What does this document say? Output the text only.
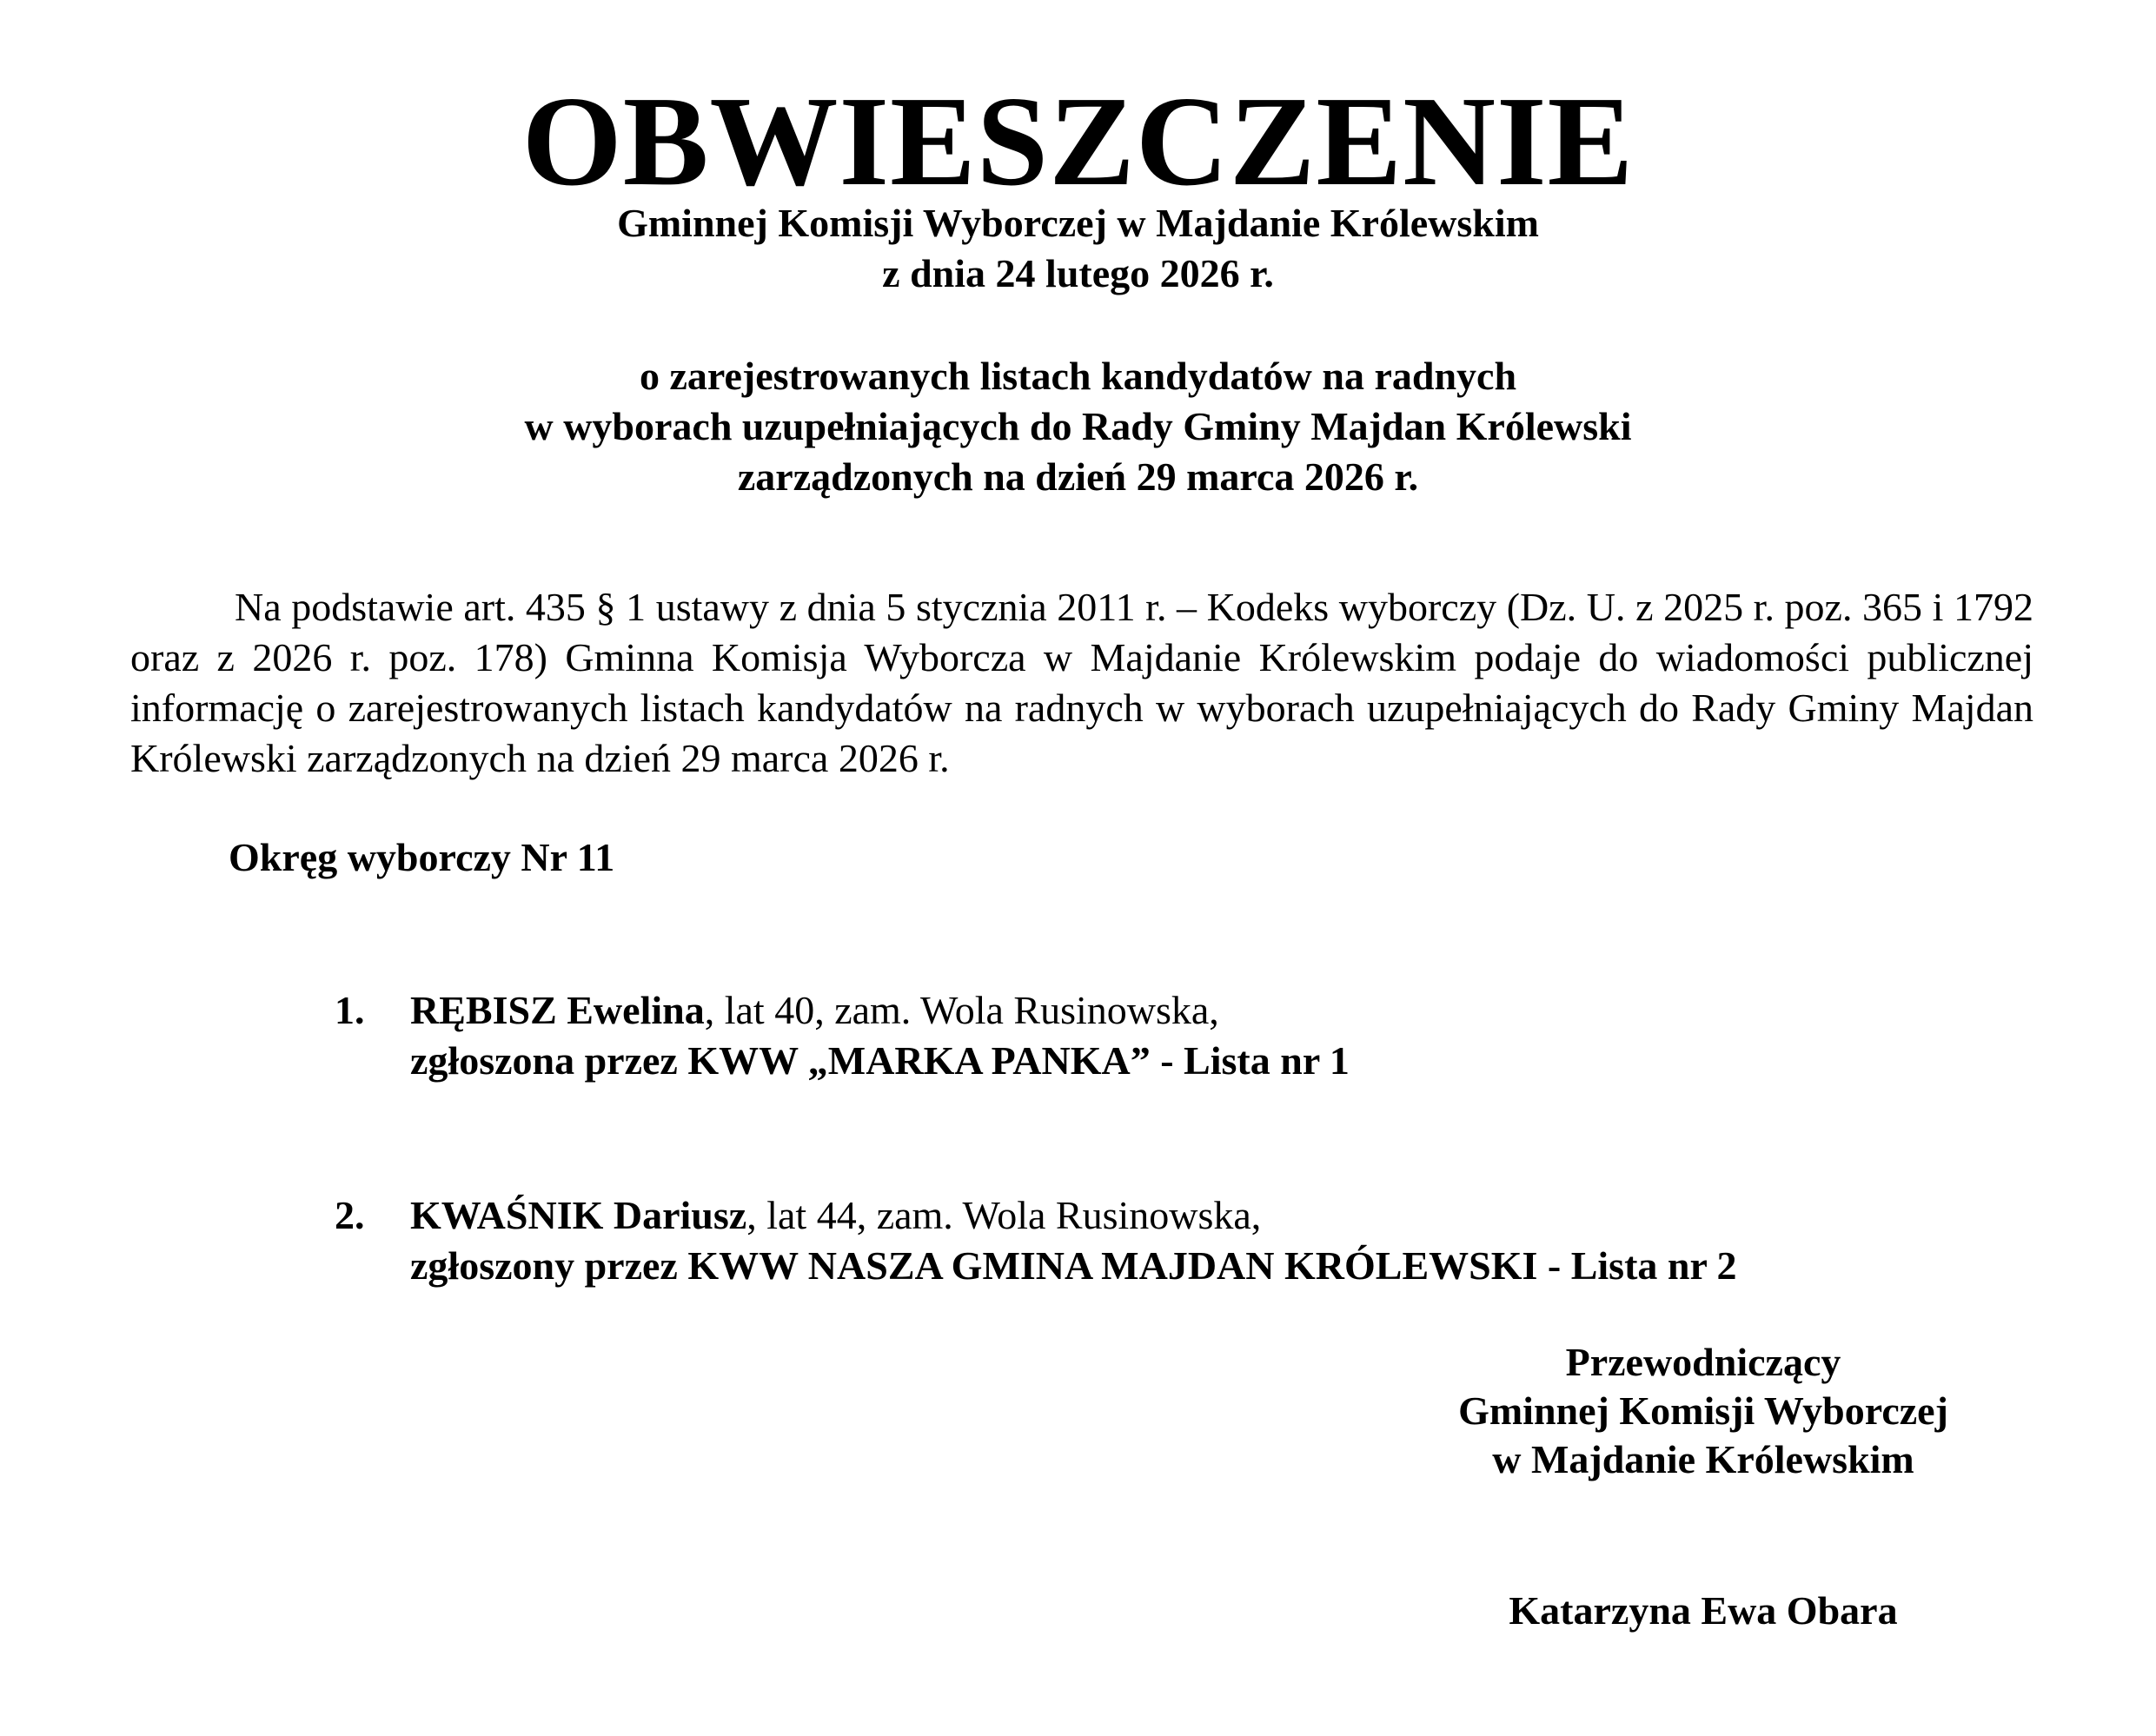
OBWIESZCZENIE
Gminnej Komisji Wyborczej w Majdanie Królewskim
z dnia 24 lutego 2026 r.
o zarejestrowanych listach kandydatów na radnych
w wyborach uzupełniających do Rady Gminy Majdan Królewski
zarządzonych na dzień 29 marca 2026 r.
Na podstawie art. 435 § 1 ustawy z dnia 5 stycznia 2011 r. – Kodeks wyborczy (Dz. U. z 2025 r. poz. 365 i 1792 oraz z 2026 r. poz. 178) Gminna Komisja Wyborcza w Majdanie Królewskim podaje do wiadomości publicznej informację o zarejestrowanych listach kandydatów na radnych w wyborach uzupełniających do Rady Gminy Majdan Królewski zarządzonych na dzień 29 marca 2026 r.
Okręg wyborczy Nr 11
1. RĘBISZ Ewelina, lat 40, zam. Wola Rusinowska,
zgłoszona przez KWW „MARKA PANKA” - Lista nr 1
2. KWAŚNIK Dariusz, lat 44, zam. Wola Rusinowska,
zgłoszony przez KWW NASZA GMINA MAJDAN KRÓLEWSKI - Lista nr 2
Przewodniczący
Gminnej Komisji Wyborczej
w Majdanie Królewskim
Katarzyna Ewa Obara
